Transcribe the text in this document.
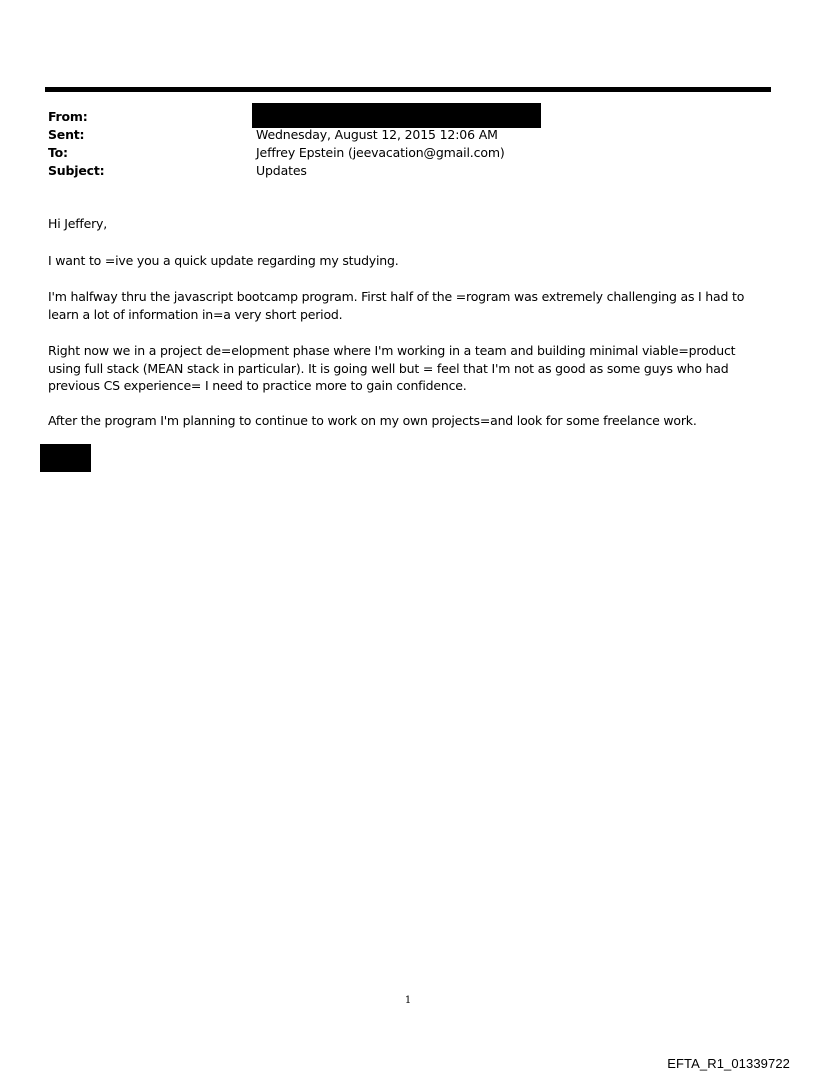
From:
Sent:	Wednesday, August 12, 2015 12:06 AM
To:	Jeffrey Epstein (jeevacation@gmail.com)
Subject:	Updates

Hi Jeffery,

I want to =ive you a quick update regarding my studying.

I'm halfway thru the javascript bootcamp program. First half of the =rogram was extremely challenging as I had to learn a lot of information in=a very short period.

Right now we in a project de=elopment phase where I'm working in a team and building minimal viable=product using full stack (MEAN stack in particular). It is going well but = feel that I'm not as good as some guys who had previous CS experience= I need to practice more to gain confidence.

After the program I'm planning to continue to work on my own projects=and look for some freelance work.

1
EFTA_R1_01339722
